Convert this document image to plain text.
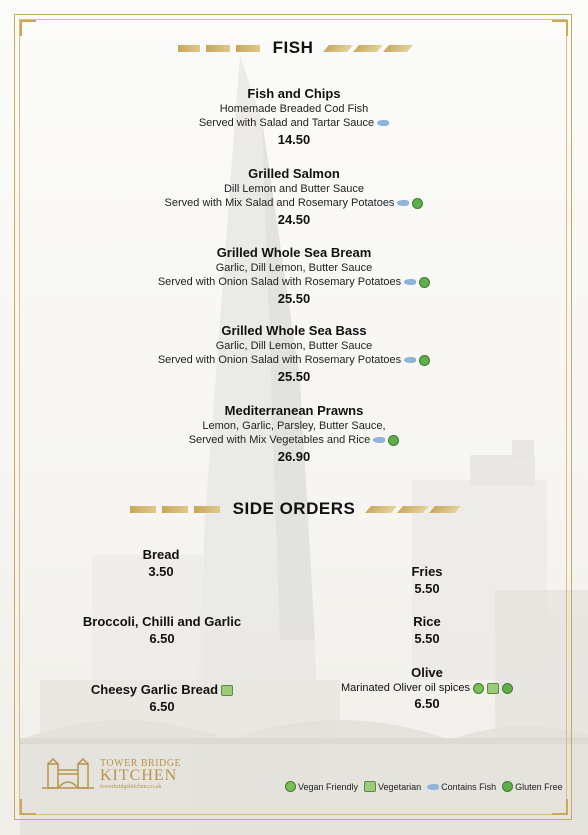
FISH
Fish and Chips
Homemade Breaded Cod Fish
Served with Salad and Tartar Sauce
14.50
Grilled Salmon
Dill Lemon and Butter Sauce
Served with Mix Salad and Rosemary Potatoes
24.50
Grilled Whole Sea Bream
Garlic, Dill Lemon, Butter Sauce
Served with Onion Salad with Rosemary Potatoes
25.50
Grilled Whole Sea Bass
Garlic, Dill Lemon, Butter Sauce
Served with Onion Salad with Rosemary Potatoes
25.50
Mediterranean Prawns
Lemon, Garlic, Parsley, Butter Sauce,
Served with Mix Vegetables and Rice
26.90
SIDE ORDERS
Bread
3.50	Fries
5.50
Broccoli, Chilli and Garlic
6.50
Rice
5.50
Olive
Marinated Oliver oil spices
6.50
Cheesy Garlic Bread
6.50
TOWER BRIDGE
KITCHEN
towerbridgekitchen.co.uk	Vegan Friendly Vegetarian Contains Fish Gluten Free
